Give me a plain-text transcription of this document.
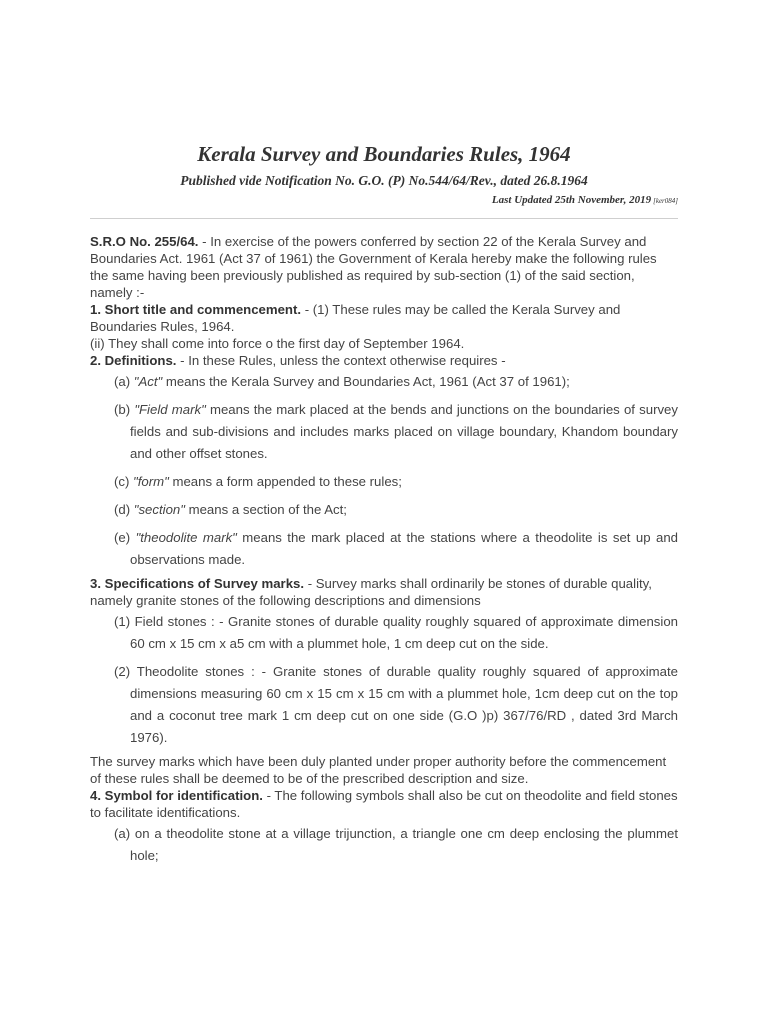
Kerala Survey and Boundaries Rules, 1964

Published vide Notification No. G.O. (P) No.544/64/Rev., dated 26.8.1964

Last Updated 25th November, 2019 [ker084]

S.R.O No. 255/64. - In exercise of the powers conferred by section 22 of the Kerala Survey and Boundaries Act. 1961 (Act 37 of 1961) the Government of Kerala hereby make the following rules the same having been previously published as required by sub-section (1) of the said section, namely :-

1. Short title and commencement. - (1) These rules may be called the Kerala Survey and Boundaries Rules, 1964.

(ii) They shall come into force o the first day of September 1964.

2. Definitions. - In these Rules, unless the context otherwise requires -

(a) "Act" means the Kerala Survey and Boundaries Act, 1961 (Act 37 of 1961);

(b) "Field mark" means the mark placed at the bends and junctions on the boundaries of survey fields and sub-divisions and includes marks placed on village boundary, Khandom boundary and other offset stones.

(c) "form" means a form appended to these rules;

(d) "section" means a section of the Act;

(e) "theodolite mark" means the mark placed at the stations where a theodolite is set up and observations made.

3. Specifications of Survey marks. - Survey marks shall ordinarily be stones of durable quality, namely granite stones of the following descriptions and dimensions

(1) Field stones : - Granite stones of durable quality roughly squared of approximate dimension 60 cm x 15 cm x a5 cm with a plummet hole, 1 cm deep cut on the side.

(2) Theodolite stones : - Granite stones of durable quality roughly squared of approximate dimensions measuring 60 cm x 15 cm x 15 cm with a plummet hole, 1cm deep cut on the top and a coconut tree mark 1 cm deep cut on one side (G.O )p) 367/76/RD , dated 3rd March 1976).

The survey marks which have been duly planted under proper authority before the commencement of these rules shall be deemed to be of the prescribed description and size.

4. Symbol for identification. - The following symbols shall also be cut on theodolite and field stones to facilitate identifications.

(a) on a theodolite stone at a village trijunction, a triangle one cm deep enclosing the plummet hole;
